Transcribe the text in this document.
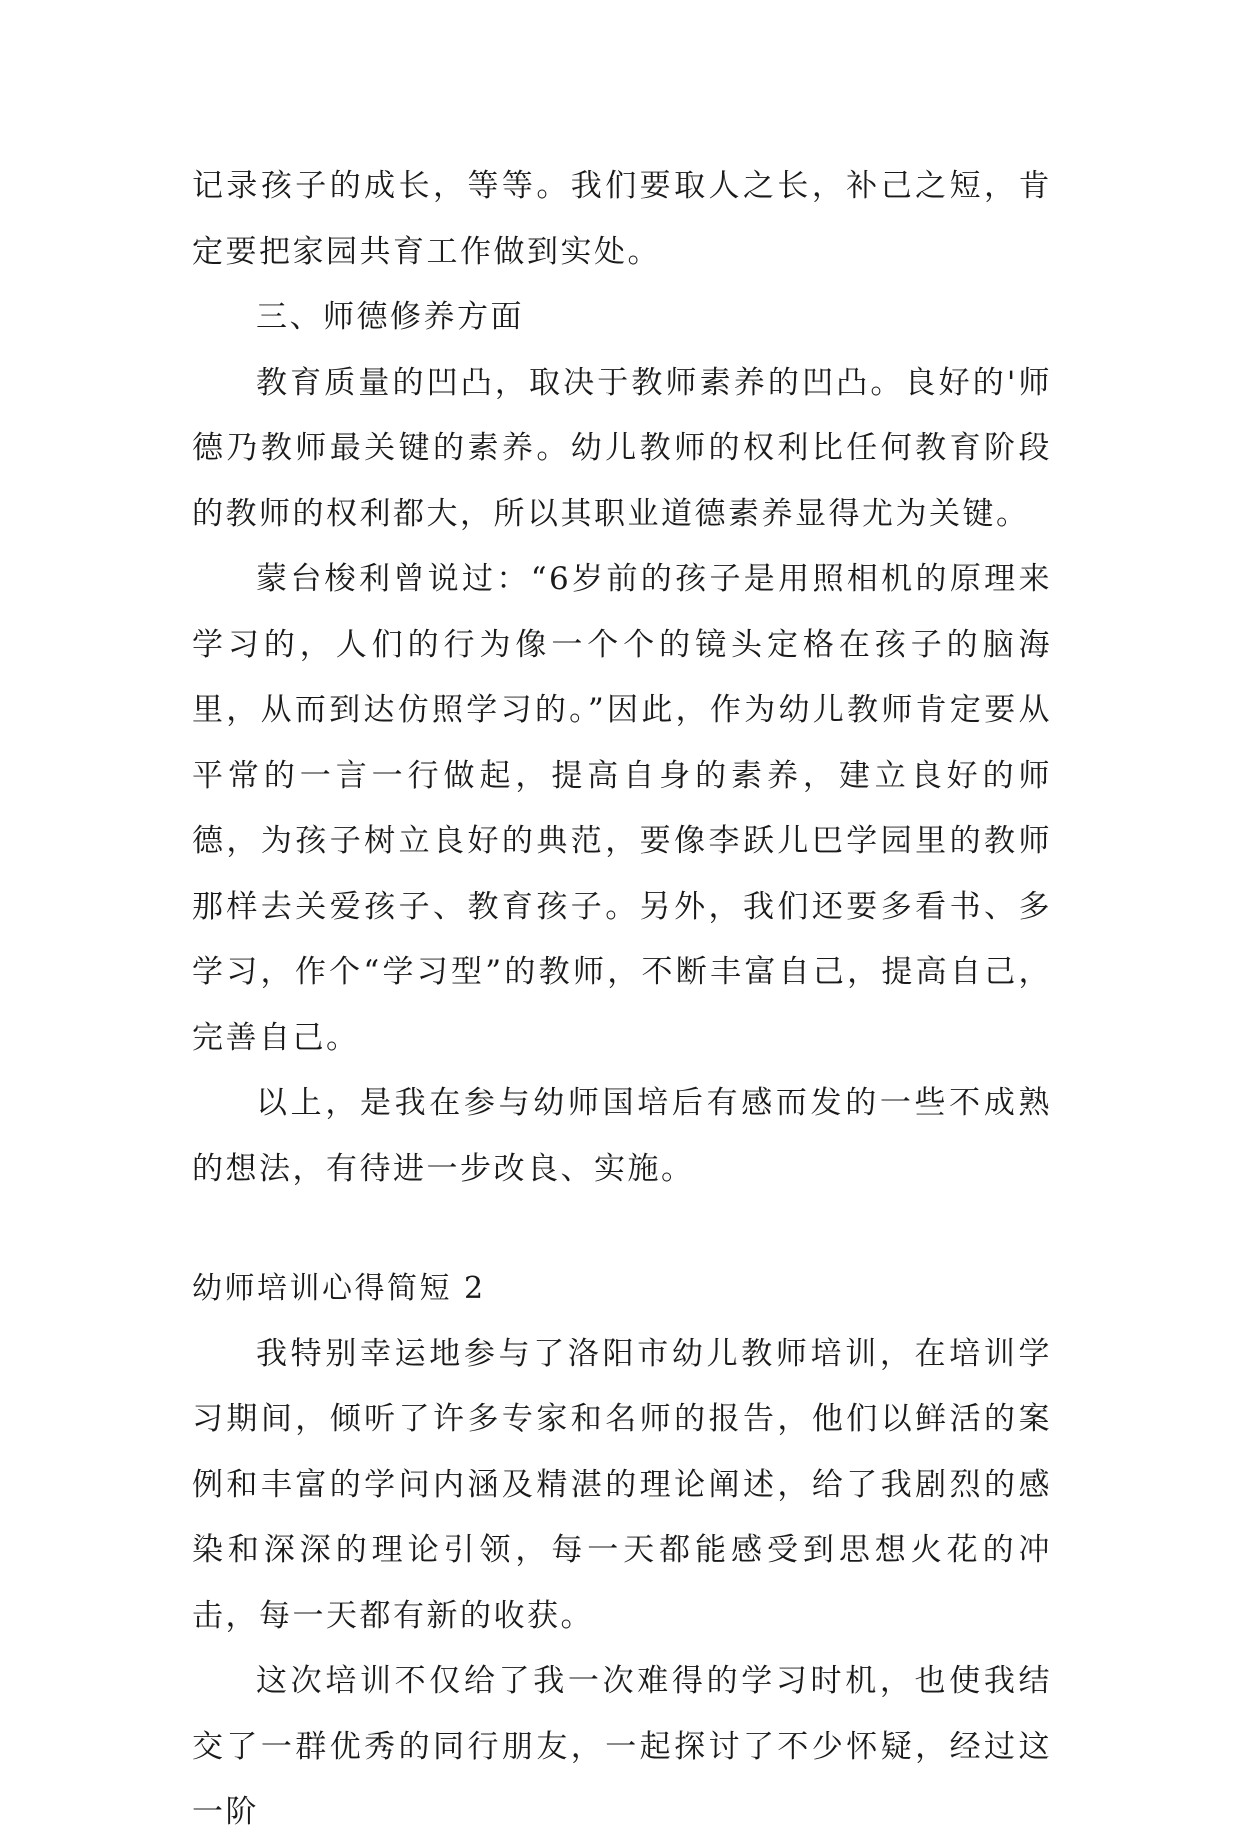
记录孩子的成长，等等。我们要取人之长，补己之短，肯定要把家园共育工作做到实处。

三、师德修养方面

教育质量的凹凸，取决于教师素养的凹凸。良好的'师德乃教师最关键的素养。幼儿教师的权利比任何教育阶段的教师的权利都大，所以其职业道德素养显得尤为关键。

蒙台梭利曾说过：“6岁前的孩子是用照相机的原理来学习的，人们的行为像一个个的镜头定格在孩子的脑海里，从而到达仿照学习的。”因此，作为幼儿教师肯定要从平常的一言一行做起，提高自身的素养，建立良好的师德，为孩子树立良好的典范，要像李跃儿巴学园里的教师那样去关爱孩子、教育孩子。另外，我们还要多看书、多学习，作个“学习型”的教师，不断丰富自己，提高自己，完善自己。

以上，是我在参与幼师国培后有感而发的一些不成熟的想法，有待进一步改良、实施。

幼师培训心得简短 2

我特别幸运地参与了洛阳市幼儿教师培训，在培训学习期间，倾听了许多专家和名师的报告，他们以鲜活的案例和丰富的学问内涵及精湛的理论阐述，给了我剧烈的感染和深深的理论引领，每一天都能感受到思想火花的冲击，每一天都有新的收获。

这次培训不仅给了我一次难得的学习时机，也使我结交了一群优秀的同行朋友，一起探讨了不少怀疑，经过这一阶
